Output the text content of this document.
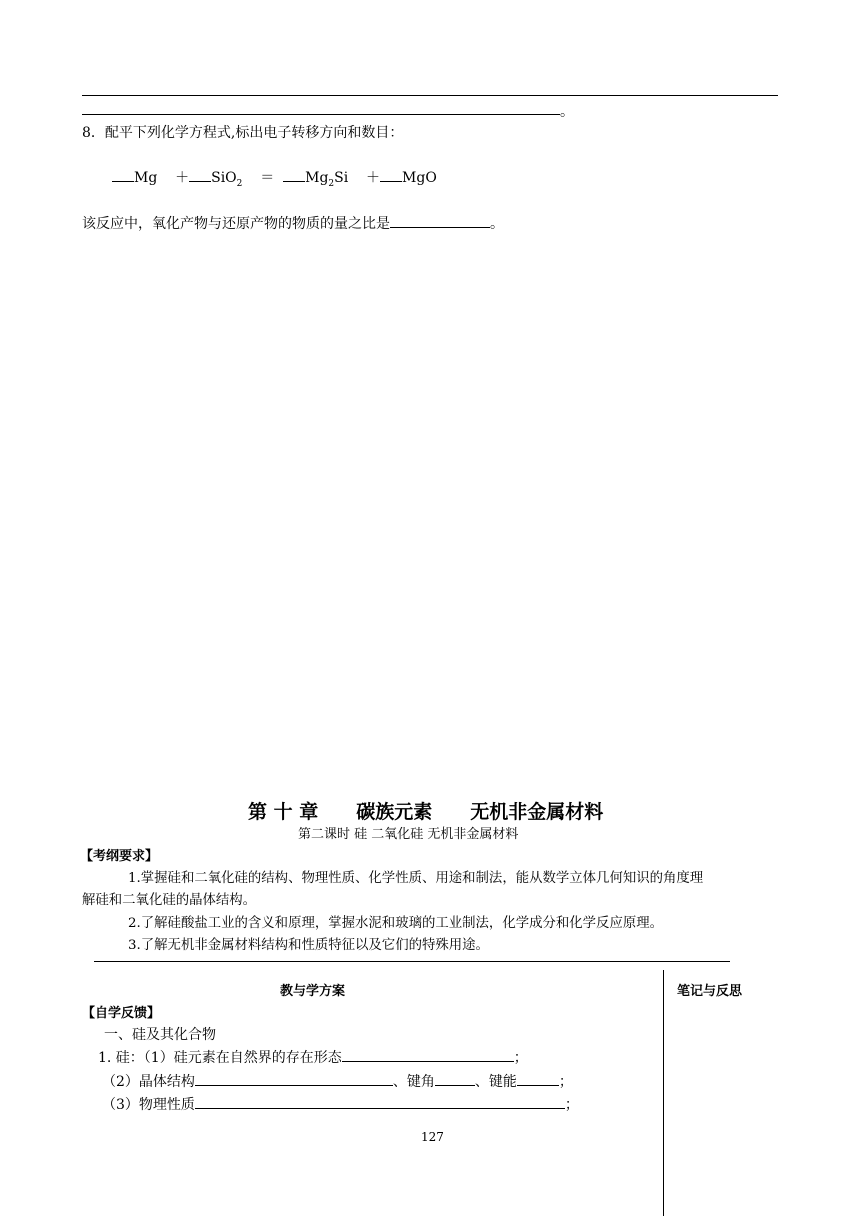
。
8．配平下列化学方程式,标出电子转移方向和数目：
$Mg + SiO_2 = Mg_2Si$ ＋ MgO
该反应中，氧化产物与还原产物的物质的量之比是	。
第 十 章　　碳族元素　　无机非金属材料
第二课时 硅 二氧化硅 无机非金属材料
【考纲要求】
1.掌握硅和二氧化硅的结构、物理性质、化学性质、用途和制法，能从数学立体几何知识的角度理
解硅和二氧化硅的晶体结构。
2.了解硅酸盐工业的含义和原理，掌握水泥和玻璃的工业制法，化学成分和化学反应原理。
3.了解无机非金属材料结构和性质特征以及它们的特殊用途。
教与学方案	笔记与反思
【自学反馈】
一、硅及其化合物
1. 硅：（1）硅元素在自然界的存在形态	；
（2）晶体结构	、键角	、键能	；
（3）物理性质	；
127
